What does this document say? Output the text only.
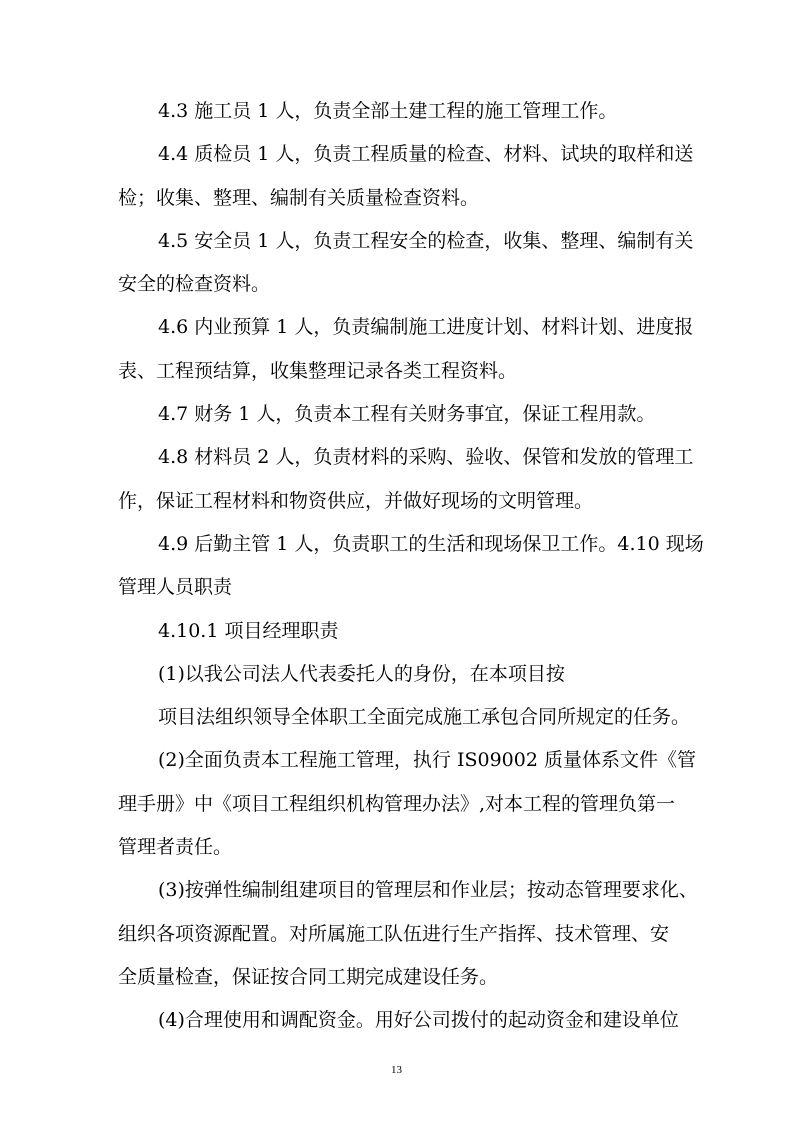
4.3 施工员 1 人，负责全部土建工程的施工管理工作。
4.4 质检员 1 人，负责工程质量的检查、材料、试块的取样和送
检；收集、整理、编制有关质量检查资料。
4.5 安全员 1 人，负责工程安全的检查，收集、整理、编制有关
安全的检查资料。
4.6 内业预算 1 人，负责编制施工进度计划、材料计划、进度报
表、工程预结算，收集整理记录各类工程资料。
4.7 财务 1 人，负责本工程有关财务事宜，保证工程用款。
4.8 材料员 2 人，负责材料的采购、验收、保管和发放的管理工
作，保证工程材料和物资供应，并做好现场的文明管理。
4.9 后勤主管 1 人，负责职工的生活和现场保卫工作。4.10 现场
管理人员职责
4.10.1 项目经理职责
(1)以我公司法人代表委托人的身份，在本项目按
项目法组织领导全体职工全面完成施工承包合同所规定的任务。
(2)全面负责本工程施工管理，执行 IS09002 质量体系文件《管
理手册》中《项目工程组织机构管理办法》,对本工程的管理负第一
管理者责任。
(3)按弹性编制组建项目的管理层和作业层；按动态管理要求化、
组织各项资源配置。对所属施工队伍进行生产指挥、技术管理、安
全质量检查，保证按合同工期完成建设任务。
(4)合理使用和调配资金。用好公司拨付的起动资金和建设单位
13
